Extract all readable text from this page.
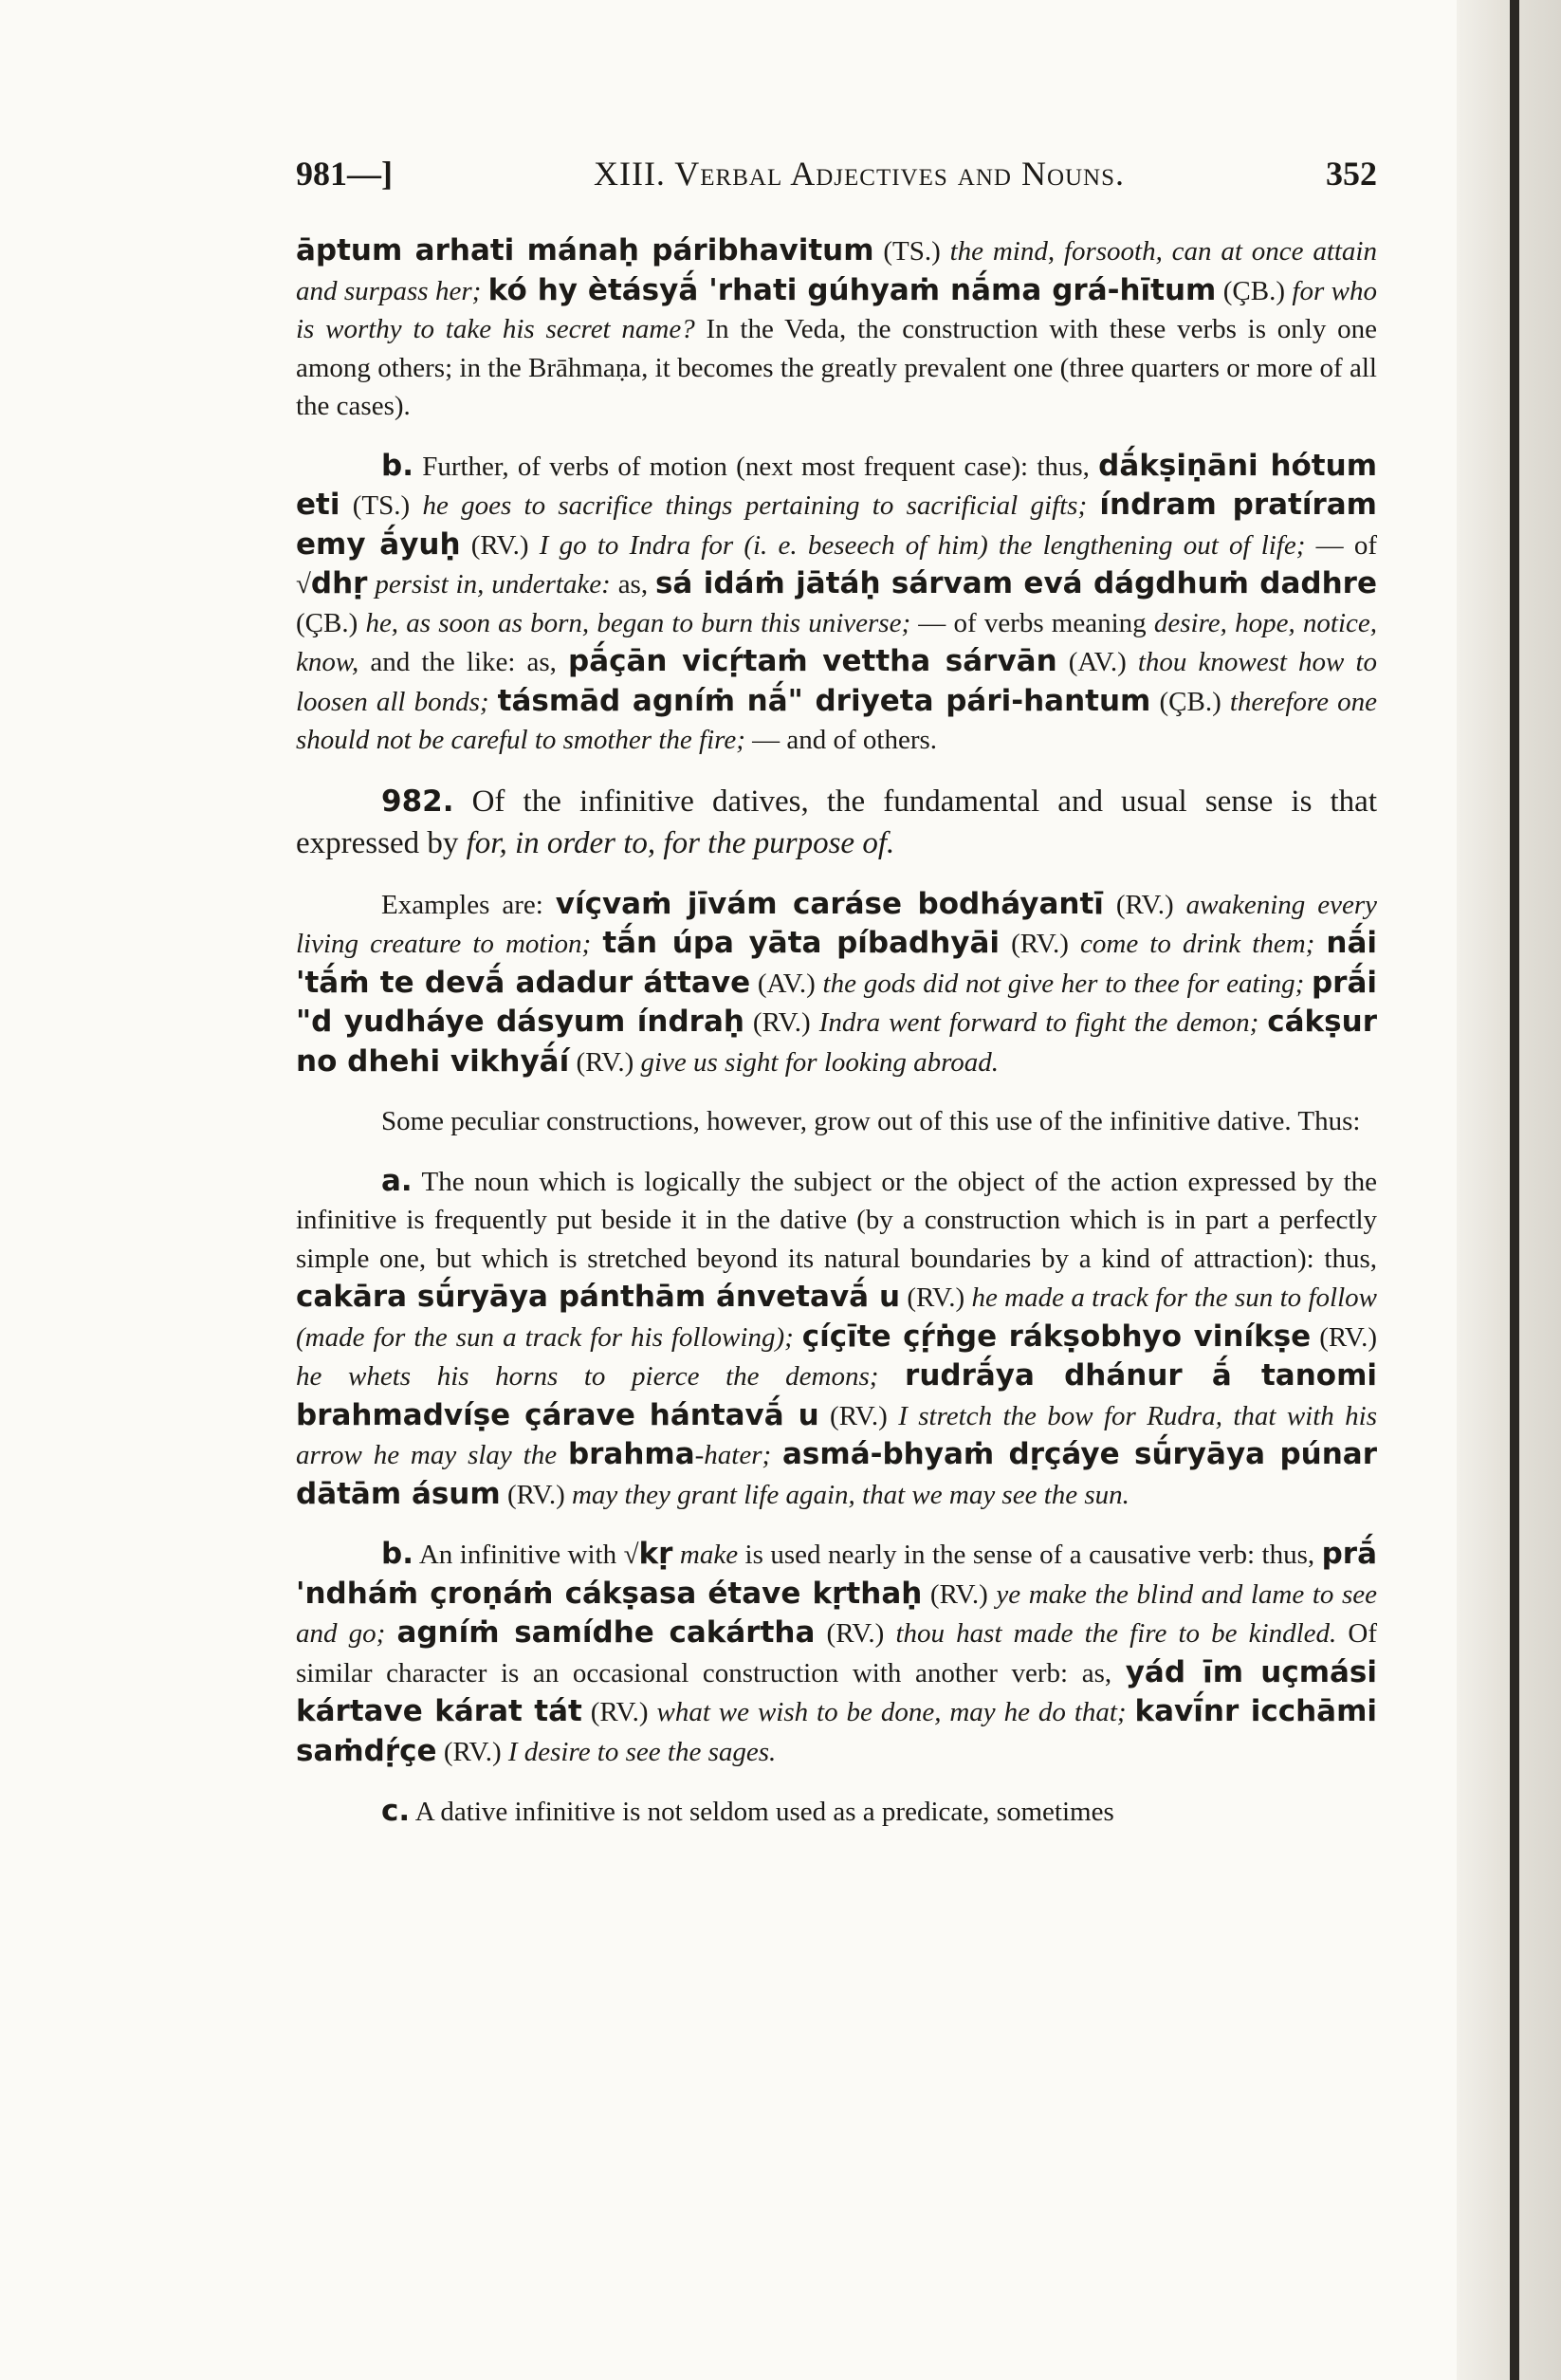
981—]	XIII. Verbal Adjectives and Nouns.	352

āptum arhati mánaḥ páribhavitum (TS.) the mind, forsooth, can at once attain and surpass her; kó hy ètásyā́ 'rhati gúhyaṁ nā́ma grá-hītum (ÇB.) for who is worthy to take his secret name? In the Veda, the construction with these verbs is only one among others; in the Brāhmaṇa, it becomes the greatly prevalent one (three quarters or more of all the cases).

b. Further, of verbs of motion (next most frequent case): thus, dā́kṣiṇāni hótum eti (TS.) he goes to sacrifice things pertaining to sacrificial gifts; índram pratíram emy ā́yuḥ (RV.) I go to Indra for (i. e. beseech of him) the lengthening out of life; — of √dhṛ persist in, undertake: as, sá idáṁ jātáḥ sárvam evá dágdhuṁ dadhre (ÇB.) he, as soon as born, began to burn this universe; — of verbs meaning desire, hope, notice, know, and the like: as, pā́çān vicṛ́taṁ vettha sárvān (AV.) thou knowest how to loosen all bonds; tásmād agníṁ nā́" driyeta pári-hantum (ÇB.) therefore one should not be careful to smother the fire; — and of others.

982. Of the infinitive datives, the fundamental and usual sense is that expressed by for, in order to, for the purpose of.

Examples are: víçvaṁ jīvám caráse bodháyantī (RV.) awakening every living creature to motion; tā́n úpa yāta píbadhyāi (RV.) come to drink them; nā́i 'tā́ṁ te devā́ adadur áttave (AV.) the gods did not give her to thee for eating; prā́i "d yudháye dásyum índraḥ (RV.) Indra went forward to fight the demon; cákṣur no dhehi vikhyā́í (RV.) give us sight for looking abroad.

Some peculiar constructions, however, grow out of this use of the infinitive dative. Thus:

a. The noun which is logically the subject or the object of the action expressed by the infinitive is frequently put beside it in the dative (by a construction which is in part a perfectly simple one, but which is stretched beyond its natural boundaries by a kind of attraction): thus, cakāra sū́ryāya pánthām ánvetavā́ u (RV.) he made a track for the sun to follow (made for the sun a track for his following); çíçīte çṛ́ṅge rákṣobhyo viníkṣe (RV.) he whets his horns to pierce the demons; rudrā́ya dhánur ā́ tanomi brahmadvíṣe çárave hántavā́ u (RV.) I stretch the bow for Rudra, that with his arrow he may slay the brahma-hater; asmá-bhyaṁ dṛçáye sū́ryāya púnar dātām ásum (RV.) may they grant life again, that we may see the sun.

b. An infinitive with √kṛ make is used nearly in the sense of a causative verb: thus, prā́ 'ndháṁ çroṇáṁ cákṣasa étave kṛthaḥ (RV.) ye make the blind and lame to see and go; agníṁ samídhe cakártha (RV.) thou hast made the fire to be kindled. Of similar character is an occasional construction with another verb: as, yád īm uçmási kártave kárat tát (RV.) what we wish to be done, may he do that; kavī́nr icchāmi saṁdṛ́çe (RV.) I desire to see the sages.

c. A dative infinitive is not seldom used as a predicate, sometimes
